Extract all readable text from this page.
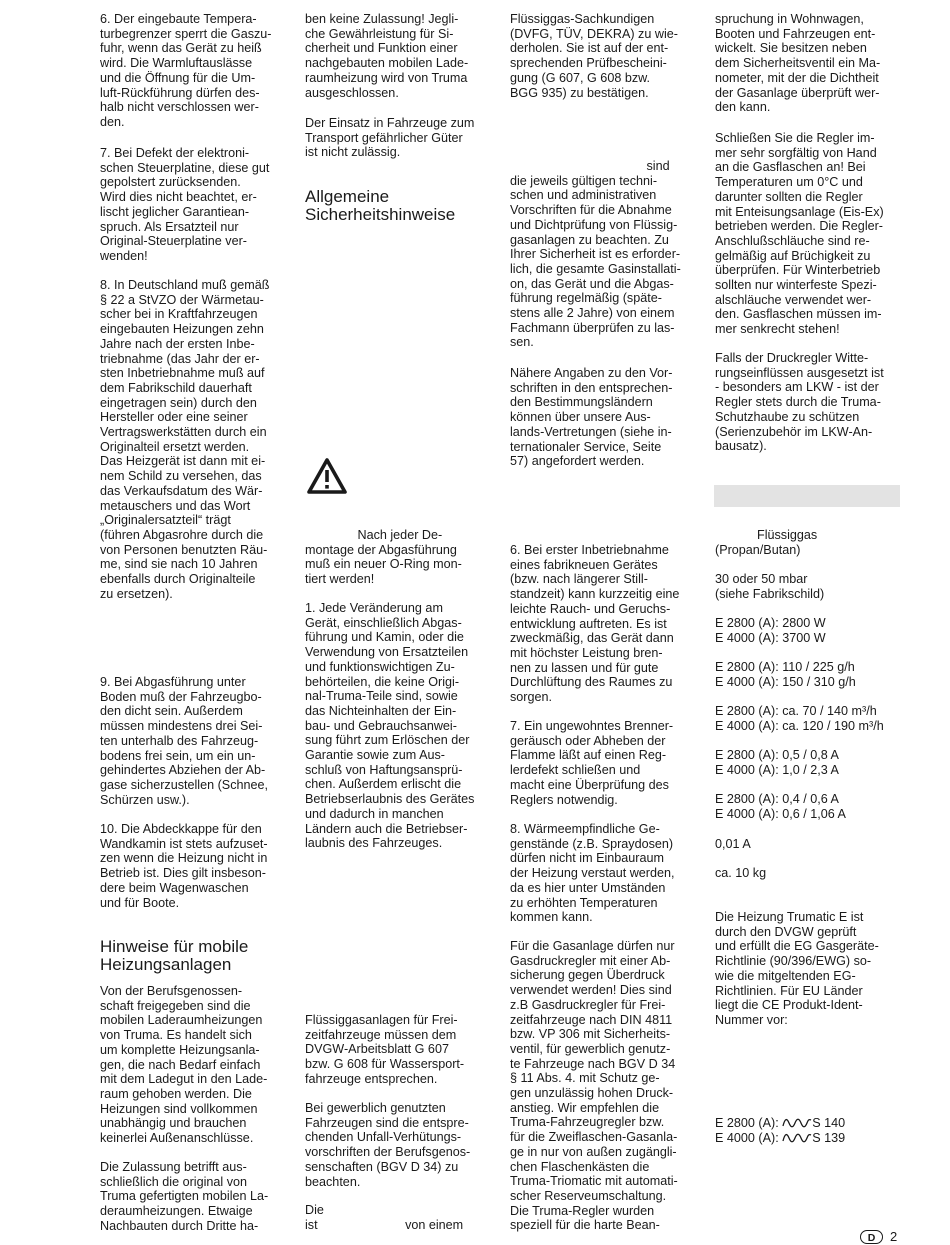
6. Der eingebaute Tempera-
turbegrenzer sperrt die Gaszu-
fuhr, wenn das Gerät zu heiß
wird. Die Warmluftauslässe
und die Öffnung für die Um-
luft-Rückführung dürfen des-
halb nicht verschlossen wer-
den.

7. Bei Defekt der elektroni-
schen Steuerplatine, diese gut
gepolstert zurücksenden.
Wird dies nicht beachtet, er-
lischt jeglicher Garantiean-
spruch. Als Ersatzteil nur
Original-Steuerplatine ver-
wenden!

8. In Deutschland muß gemäß
§ 22 a StVZO der Wärmetau-
scher bei in Kraftfahrzeugen
eingebauten Heizungen zehn
Jahre nach der ersten Inbe-
triebnahme (das Jahr der er-
sten Inbetriebnahme muß auf
dem Fabrikschild dauerhaft
eingetragen sein) durch den
Hersteller oder eine seiner
Vertragswerkstätten durch ein
Originalteil ersetzt werden.
Das Heizgerät ist dann mit ei-
nem Schild zu versehen, das
das Verkaufsdatum des Wär-
metauschers und das Wort
„Originalersatzteil“ trägt
(führen Abgasrohre durch die
von Personen benutzten Räu-
me, sind sie nach 10 Jahren
ebenfalls durch Originalteile
zu ersetzen).

9. Bei Abgasführung unter
Boden muß der Fahrzeugbo-
den dicht sein. Außerdem
müssen mindestens drei Sei-
ten unterhalb des Fahrzeug-
bodens frei sein, um ein un-
gehindertes Abziehen der Ab-
gase sicherzustellen (Schnee,
Schürzen usw.).

10. Die Abdeckkappe für den
Wandkamin ist stets aufzuset-
zen wenn die Heizung nicht in
Betrieb ist. Dies gilt insbeson-
dere beim Wagenwaschen
und für Boote.

Hinweise für mobile
Heizungsanlagen

Von der Berufsgenossen-
schaft freigegeben sind die
mobilen Laderaumheizungen
von Truma. Es handelt sich
um komplette Heizungsanla-
gen, die nach Bedarf einfach
mit dem Ladegut in den Lade-
raum gehoben werden. Die
Heizungen sind vollkommen
unabhängig und brauchen
keinerlei Außenanschlüsse.

Die Zulassung betrifft aus-
schließlich die original von
Truma gefertigten mobilen La-
deraumheizungen. Etwaige
Nachbauten durch Dritte ha-

ben keine Zulassung! Jegli-
che Gewährleistung für Si-
cherheit und Funktion einer
nachgebauten mobilen Lade-
raumheizung wird von Truma
ausgeschlossen.

Der Einsatz in Fahrzeuge zum
Transport gefährlicher Güter
ist nicht zulässig.

Allgemeine
Sicherheitshinweise

Nach jeder De-
montage der Abgasführung
muß ein neuer O-Ring mon-
tiert werden!

1. Jede Veränderung am
Gerät, einschließlich Abgas-
führung und Kamin, oder die
Verwendung von Ersatzteilen
und funktionswichtigen Zu-
behörteilen, die keine Origi-
nal-Truma-Teile sind, sowie
das Nichteinhalten der Ein-
bau- und Gebrauchsanwei-
sung führt zum Erlöschen der
Garantie sowie zum Aus-
schluß von Haftungsansprü-
chen. Außerdem erlischt die
Betriebserlaubnis des Gerätes
und dadurch in manchen
Ländern auch die Betriebser-
laubnis des Fahrzeuges.

Flüssiggasanlagen für Frei-
zeitfahrzeuge müssen dem
DVGW-Arbeitsblatt G 607
bzw. G 608 für Wassersport-
fahrzeuge entsprechen.

Bei gewerblich genutzten
Fahrzeugen sind die entspre-
chenden Unfall-Verhütungs-
vorschriften der Berufsgenos-
senschaften (BGV D 34) zu
beachten.

Die
ist                         von einem

Flüssiggas-Sachkundigen
(DVFG, TÜV, DEKRA) zu wie-
derholen. Sie ist auf der ent-
sprechenden Prüfbescheini-
gung (G 607, G 608 bzw.
BGG 935) zu bestätigen.

sind
die jeweils gültigen techni-
schen und administrativen
Vorschriften für die Abnahme
und Dichtprüfung von Flüssig-
gasanlagen zu beachten. Zu
Ihrer Sicherheit ist es erforder-
lich, die gesamte Gasinstallati-
on, das Gerät und die Abgas-
führung regelmäßig (späte-
stens alle 2 Jahre) von einem
Fachmann überprüfen zu las-
sen.

Nähere Angaben zu den Vor-
schriften in den entsprechen-
den Bestimmungsländern
können über unsere Aus-
lands-Vertretungen (siehe in-
ternationaler Service, Seite
57) angefordert werden.

6. Bei erster Inbetriebnahme
eines fabrikneuen Gerätes
(bzw. nach längerer Still-
standzeit) kann kurzzeitig eine
leichte Rauch- und Geruchs-
entwicklung auftreten. Es ist
zweckmäßig, das Gerät dann
mit höchster Leistung bren-
nen zu lassen und für gute
Durchlüftung des Raumes zu
sorgen.

7. Ein ungewohntes Brenner-
geräusch oder Abheben der
Flamme läßt auf einen Reg-
lerdefekt schließen und
macht eine Überprüfung des
Reglers notwendig.

8. Wärmeempfindliche Ge-
genstände (z.B. Spraydosen)
dürfen nicht im Einbauraum
der Heizung verstaut werden,
da es hier unter Umständen
zu erhöhten Temperaturen
kommen kann.

Für die Gasanlage dürfen nur
Gasdruckregler mit einer Ab-
sicherung gegen Überdruck
verwendet werden! Dies sind
z.B Gasdruckregler für Frei-
zeitfahrzeuge nach DIN 4811
bzw. VP 306 mit Sicherheits-
ventil, für gewerblich genutz-
te Fahrzeuge nach BGV D 34
§ 11 Abs. 4. mit Schutz ge-
gen unzulässig hohen Druck-
anstieg. Wir empfehlen die
Truma-Fahrzeugregler bzw.
für die Zweiflaschen-Gasanla-
ge in nur von außen zugängli-
chen Flaschenkästen die
Truma-Triomatic mit automati-
scher Reserveumschaltung.
Die Truma-Regler wurden
speziell für die harte Bean-

spruchung in Wohnwagen,
Booten und Fahrzeugen ent-
wickelt. Sie besitzen neben
dem Sicherheitsventil ein Ma-
nometer, mit der die Dichtheit
der Gasanlage überprüft wer-
den kann.

Schließen Sie die Regler im-
mer sehr sorgfältig von Hand
an die Gasflaschen an! Bei
Temperaturen um 0°C und
darunter sollten die Regler
mit Enteisungsanlage (Eis-Ex)
betrieben werden. Die Regler-
Anschlußschläuche sind re-
gelmäßig auf Brüchigkeit zu
überprüfen. Für Winterbetrieb
sollten nur winterfeste Spezi-
alschläuche verwendet wer-
den. Gasflaschen müssen im-
mer senkrecht stehen!

Falls der Druckregler Witte-
rungseinflüssen ausgesetzt ist
- besonders am LKW - ist der
Regler stets durch die Truma-
Schutzhaube zu schützen
(Serienzubehör im LKW-An-
bausatz).

Flüssiggas
(Propan/Butan)

30 oder 50 mbar
(siehe Fabrikschild)

E 2800 (A): 2800 W
E 4000 (A): 3700 W

E 2800 (A): 110 / 225 g/h
E 4000 (A): 150 / 310 g/h

E 2800 (A): ca. 70 / 140 m³/h
E 4000 (A): ca. 120 / 190 m³/h

E 2800 (A): 0,5 / 0,8 A
E 4000 (A): 1,0 / 2,3 A

E 2800 (A): 0,4 / 0,6 A
E 4000 (A): 0,6 / 1,06 A

0,01 A

ca. 10 kg

Die Heizung Trumatic E ist
durch den DVGW geprüft
und erfüllt die EG Gasgeräte-
Richtlinie (90/396/EWG) so-
wie die mitgeltenden EG-
Richtlinien. Für EU Länder
liegt die CE Produkt-Ident-
Nummer vor:

E 2800 (A): S 140

E 4000 (A): S 139

D	2
